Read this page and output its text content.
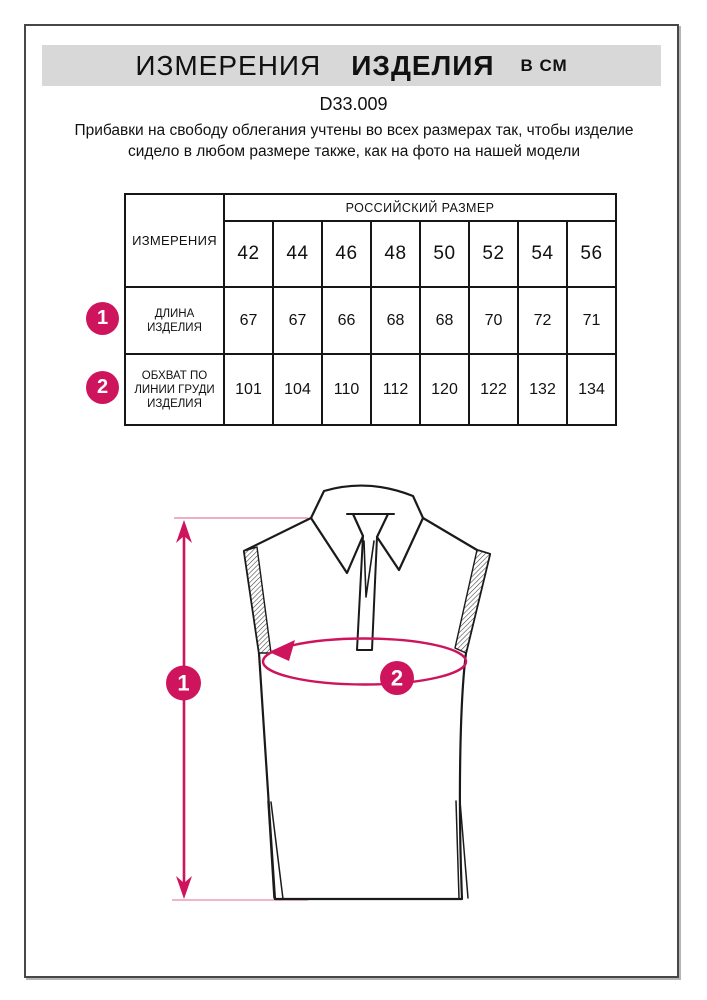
ИЗМЕРЕНИЯ ИЗДЕЛИЯ В СМ
D33.009
Прибавки на свободу облегания учтены во всех размерах так, чтобы изделие сидело в любом размере также, как на фото на нашей модели
ИЗМЕРЕНИЯ	РОССИЙСКИЙ РАЗМЕР							
	42	44	46	48	50	52	54	56
ДЛИНА ИЗДЕЛИЯ	67	67	66	68	68	70	72	71
ОБХВАТ ПО ЛИНИИ ГРУДИ ИЗДЕЛИЯ	101	104	110	112	120	122	132	134
1
2
1	2
